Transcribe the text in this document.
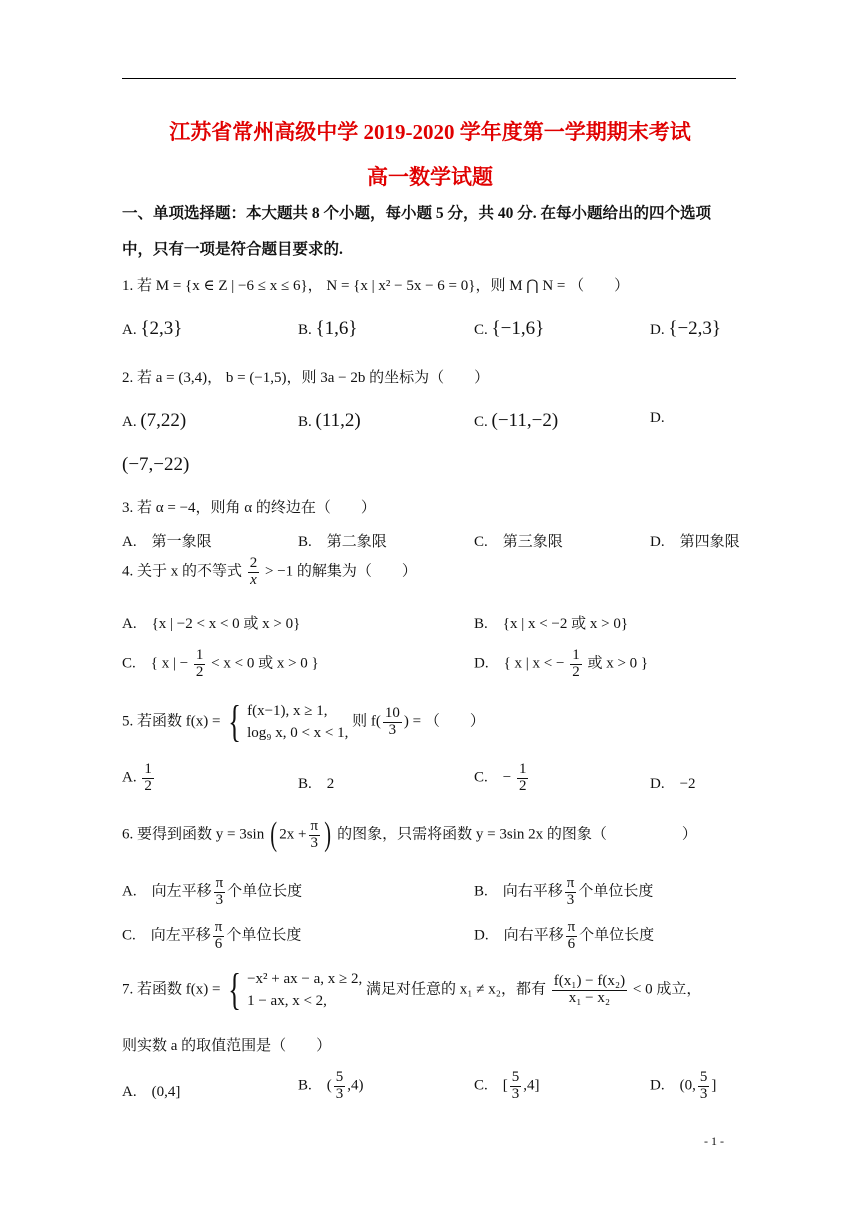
江苏省常州高级中学 2019-2020 学年度第一学期期末考试
高一数学试题
一、单项选择题：本大题共 8 个小题，每小题 5 分，共 40 分. 在每小题给出的四个选项中，只有一项是符合题目要求的.
1. 若 M = {x ∈ Z | −6 ≤ x ≤ 6}， N = {x | x² − 5x − 6 = 0}，则 M ⋂ N = （　　）
A. {2,3}	B. {1,6}	C. {−1,6}	D. {−2,3}
2. 若 a = (3,4)， b = (−1,5)，则 3a − 2b 的坐标为（　　）
A. (7,22)	B. (11,2)	C. (−11,−2)	D.
(−7,−22)
3. 若 α = −4，则角 α 的终边在（　　）
A.　第一象限	B.　第二象限	C.　第三象限	D.　第四象限
4. 关于 x 的不等式 $\frac{2}{x} > -1$ 的解集为（　　）
A.　{x | −2 < x < 0 或 x > 0}	B.　{x | x < −2 或 x > 0}
C.　{ x | − $\frac{1}{2} < x < 0$ 或 x > 0 }	D.　{ x | x < − $\frac{1}{2}$ 或 x > 0 }
5. 若函数 f(x) = { f(x−1), x ≥ 1,
log₉ x, 0 < x < 1,
则 $f( \frac{10}{3}$ ) = （　　）
A. $\frac{1}{2}$	B.　2	C.　− $\frac{1}{2}$	D.　−2
6. 要得到函数 y = 3sin ( $2x + \frac{\pi}{3}$ ) 的图象，只需将函数 y = 3sin 2x 的图象（　　　　　）
A.　向左平移 $\frac{\pi}{3}$ 个单位长度	B.　向右平移 $\frac{\pi}{3}$ 个单位长度
C.　向左平移 $\frac{\pi}{6}$ 个单位长度	D.　向右平移 $\frac{\pi}{6}$ 个单位长度
7. 若函数 f(x) = { −x² + ax − a, x ≥ 2,
1 − ax, x < 2,
满足对任意的 x₁ ≠ x₂，都有 $\frac{\text{f(x₁) − f(x₂)}}{\text{x₁ − x₂}} < 0$ 成立，
则实数 a 的取值范围是（　　）
A.　(0,4]	B.　( $\frac{5}{3} ,4$)	C.　[ $\frac{5}{3} ,4$]	D.　(0, $\frac{5}{3}$ ]
- 1 -
